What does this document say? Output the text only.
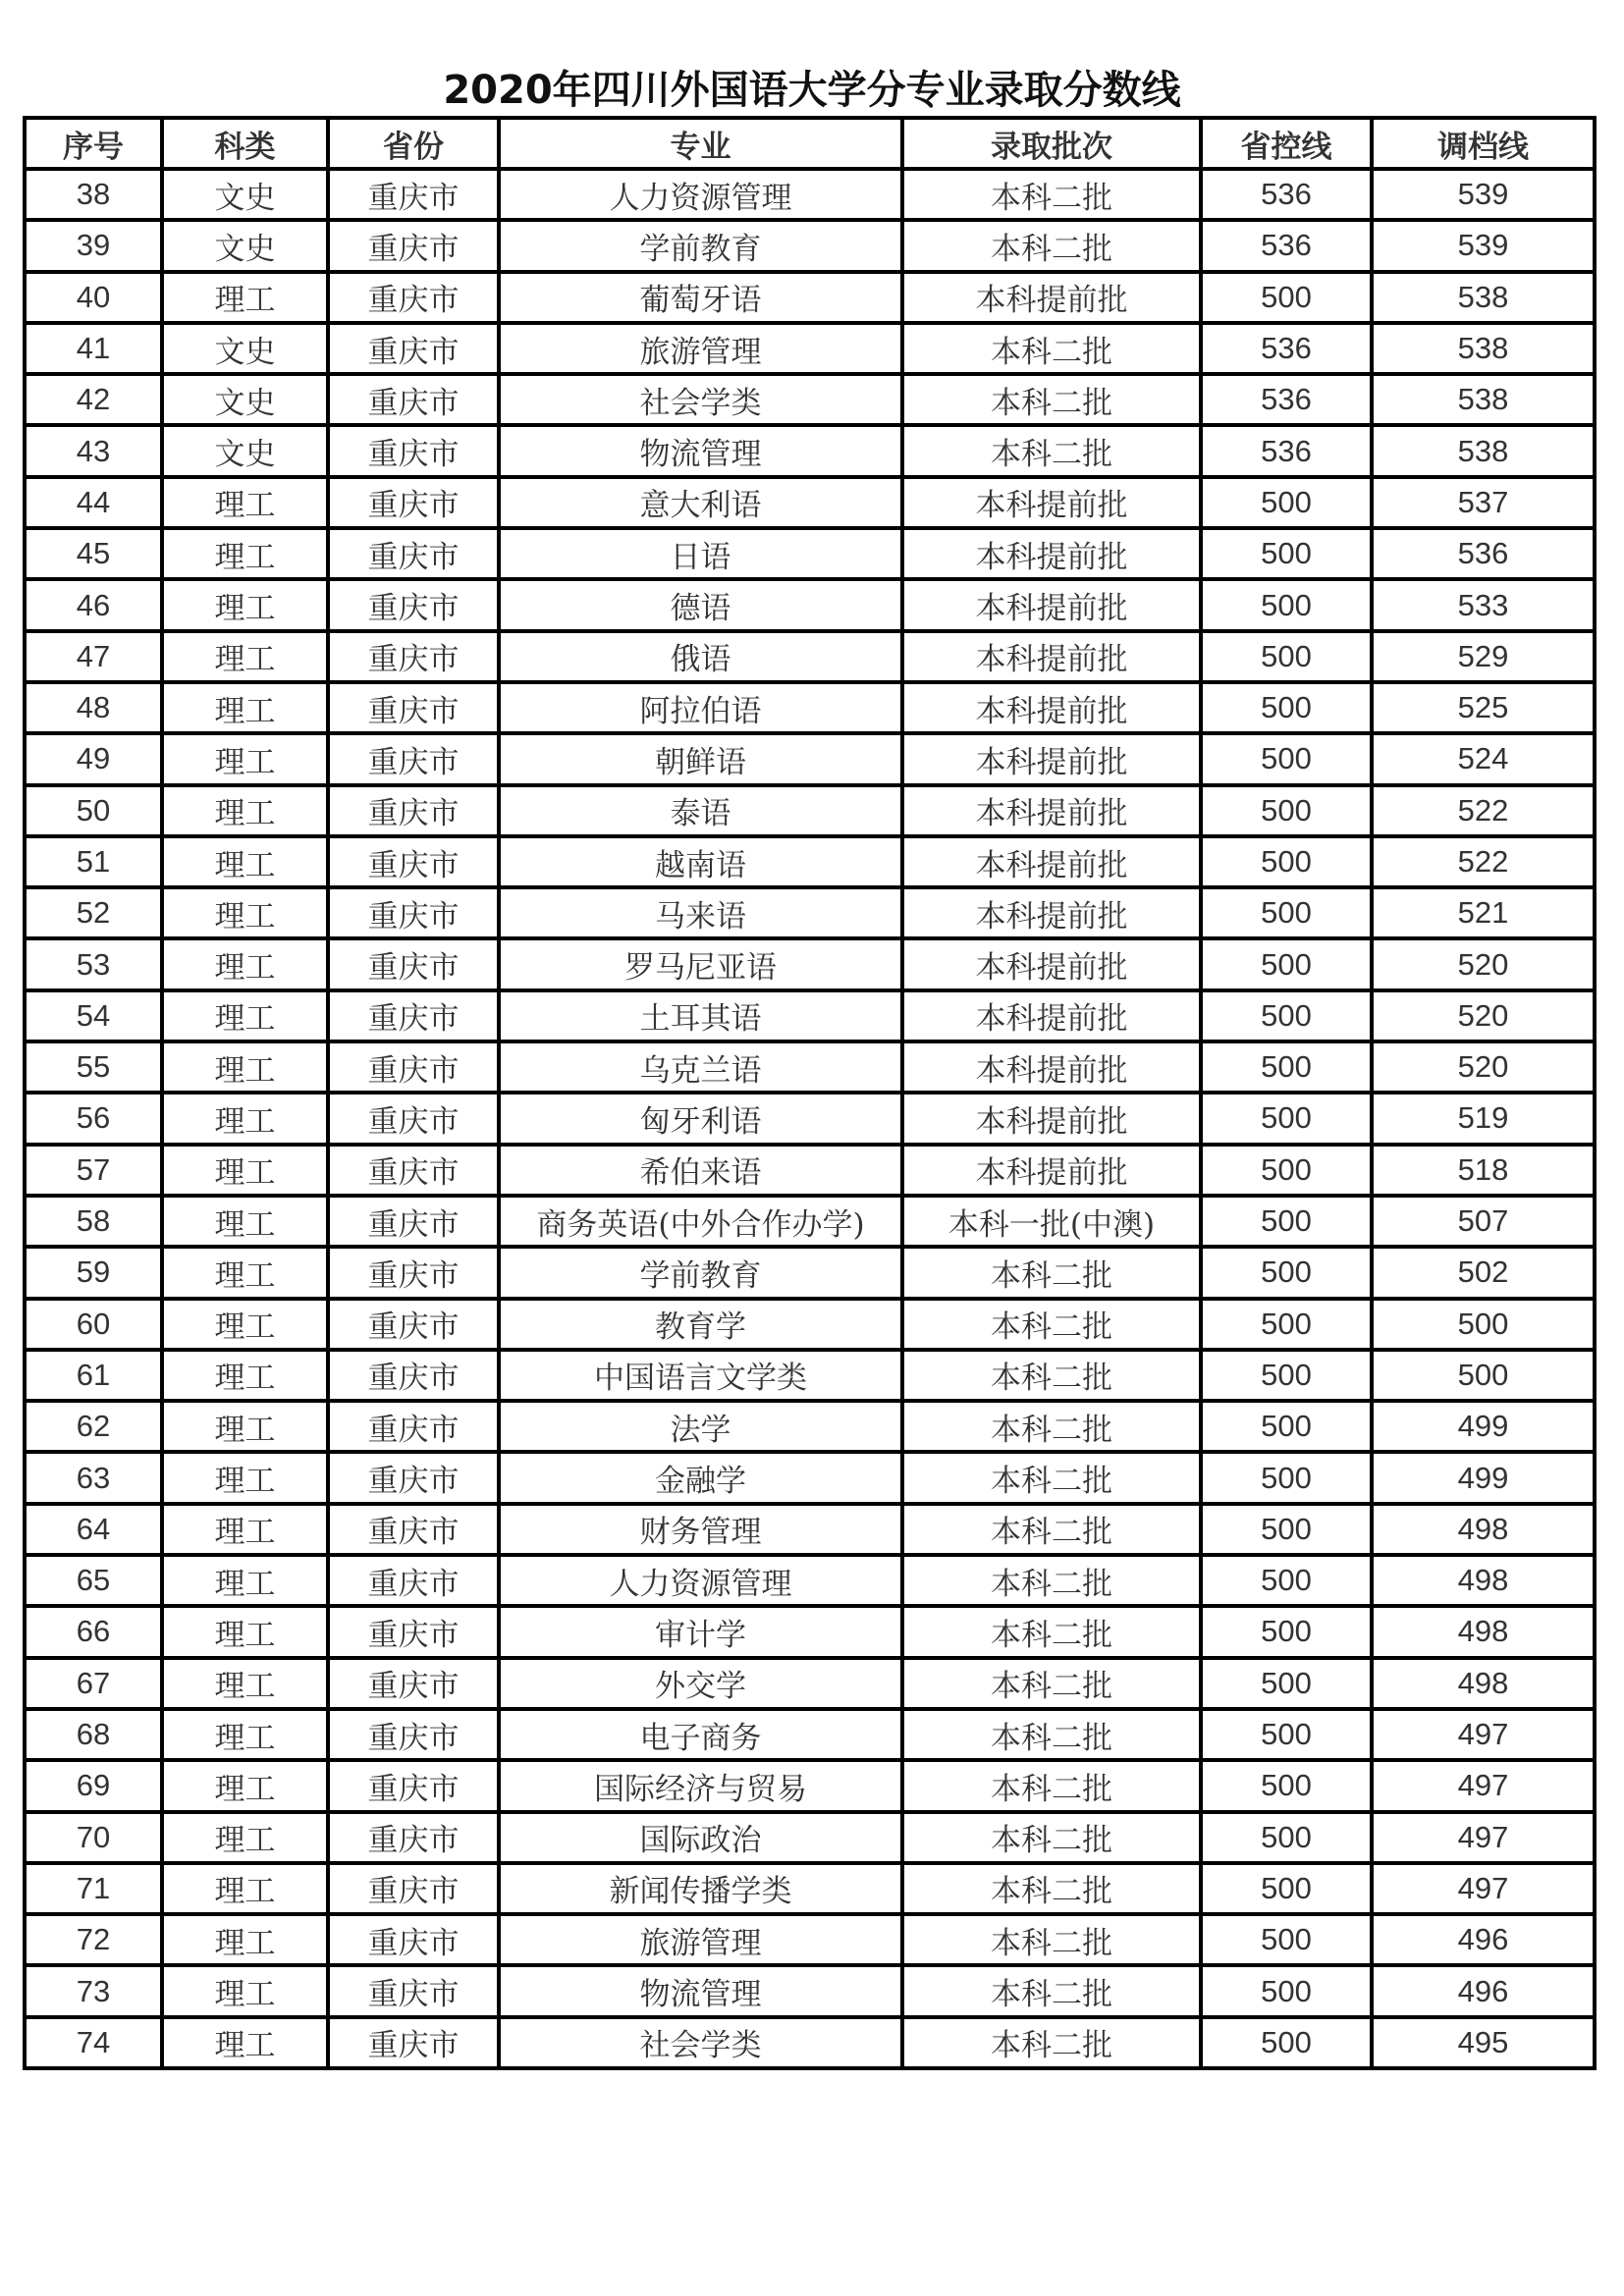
2020年四川外国语大学分专业录取分数线
序号	科类	省份	专业	录取批次	省控线	调档线
38	文史	重庆市	人力资源管理	本科二批	536	539
39	文史	重庆市	学前教育	本科二批	536	539
40	理工	重庆市	葡萄牙语	本科提前批	500	538
41	文史	重庆市	旅游管理	本科二批	536	538
42	文史	重庆市	社会学类	本科二批	536	538
43	文史	重庆市	物流管理	本科二批	536	538
44	理工	重庆市	意大利语	本科提前批	500	537
45	理工	重庆市	日语	本科提前批	500	536
46	理工	重庆市	德语	本科提前批	500	533
47	理工	重庆市	俄语	本科提前批	500	529
48	理工	重庆市	阿拉伯语	本科提前批	500	525
49	理工	重庆市	朝鲜语	本科提前批	500	524
50	理工	重庆市	泰语	本科提前批	500	522
51	理工	重庆市	越南语	本科提前批	500	522
52	理工	重庆市	马来语	本科提前批	500	521
53	理工	重庆市	罗马尼亚语	本科提前批	500	520
54	理工	重庆市	土耳其语	本科提前批	500	520
55	理工	重庆市	乌克兰语	本科提前批	500	520
56	理工	重庆市	匈牙利语	本科提前批	500	519
57	理工	重庆市	希伯来语	本科提前批	500	518
58	理工	重庆市	商务英语(中外合作办学)	本科一批(中澳)	500	507
59	理工	重庆市	学前教育	本科二批	500	502
60	理工	重庆市	教育学	本科二批	500	500
61	理工	重庆市	中国语言文学类	本科二批	500	500
62	理工	重庆市	法学	本科二批	500	499
63	理工	重庆市	金融学	本科二批	500	499
64	理工	重庆市	财务管理	本科二批	500	498
65	理工	重庆市	人力资源管理	本科二批	500	498
66	理工	重庆市	审计学	本科二批	500	498
67	理工	重庆市	外交学	本科二批	500	498
68	理工	重庆市	电子商务	本科二批	500	497
69	理工	重庆市	国际经济与贸易	本科二批	500	497
70	理工	重庆市	国际政治	本科二批	500	497
71	理工	重庆市	新闻传播学类	本科二批	500	497
72	理工	重庆市	旅游管理	本科二批	500	496
73	理工	重庆市	物流管理	本科二批	500	496
74	理工	重庆市	社会学类	本科二批	500	495
